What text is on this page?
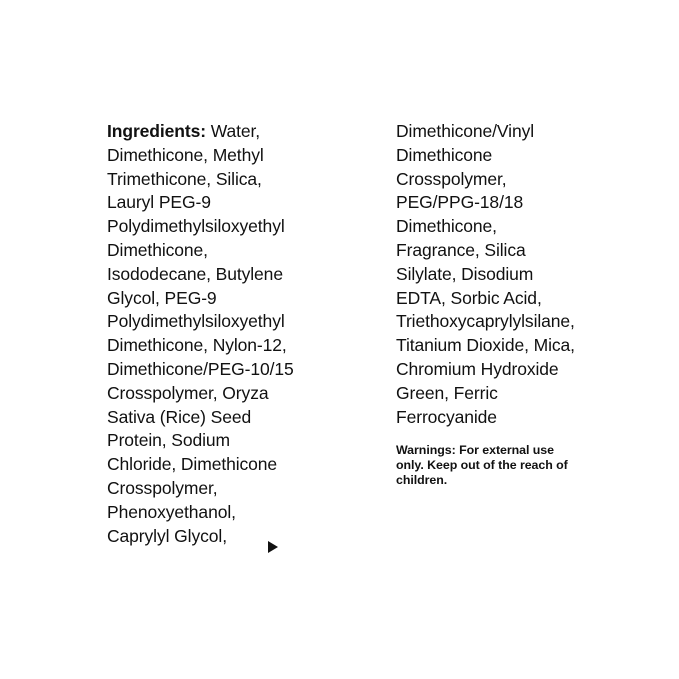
Ingredients: Water, Dimethicone, Methyl Trimethicone, Silica, Lauryl PEG-9 Polydimethylsiloxyethyl Dimethicone, Isododecane, Butylene Glycol, PEG-9 Polydimethylsiloxyethyl Dimethicone, Nylon-12, Dimethicone/PEG-10/15 Crosspolymer, Oryza Sativa (Rice) Seed Protein, Sodium Chloride, Dimethicone Crosspolymer, Phenoxyethanol, Caprylyl Glycol,

Dimethicone/Vinyl Dimethicone Crosspolymer, PEG/PPG-18/18 Dimethicone, Fragrance, Silica Silylate, Disodium EDTA, Sorbic Acid, Triethoxycaprylylsilane, Titanium Dioxide, Mica, Chromium Hydroxide Green, Ferric Ferrocyanide

Warnings: For external use only. Keep out of the reach of children.
